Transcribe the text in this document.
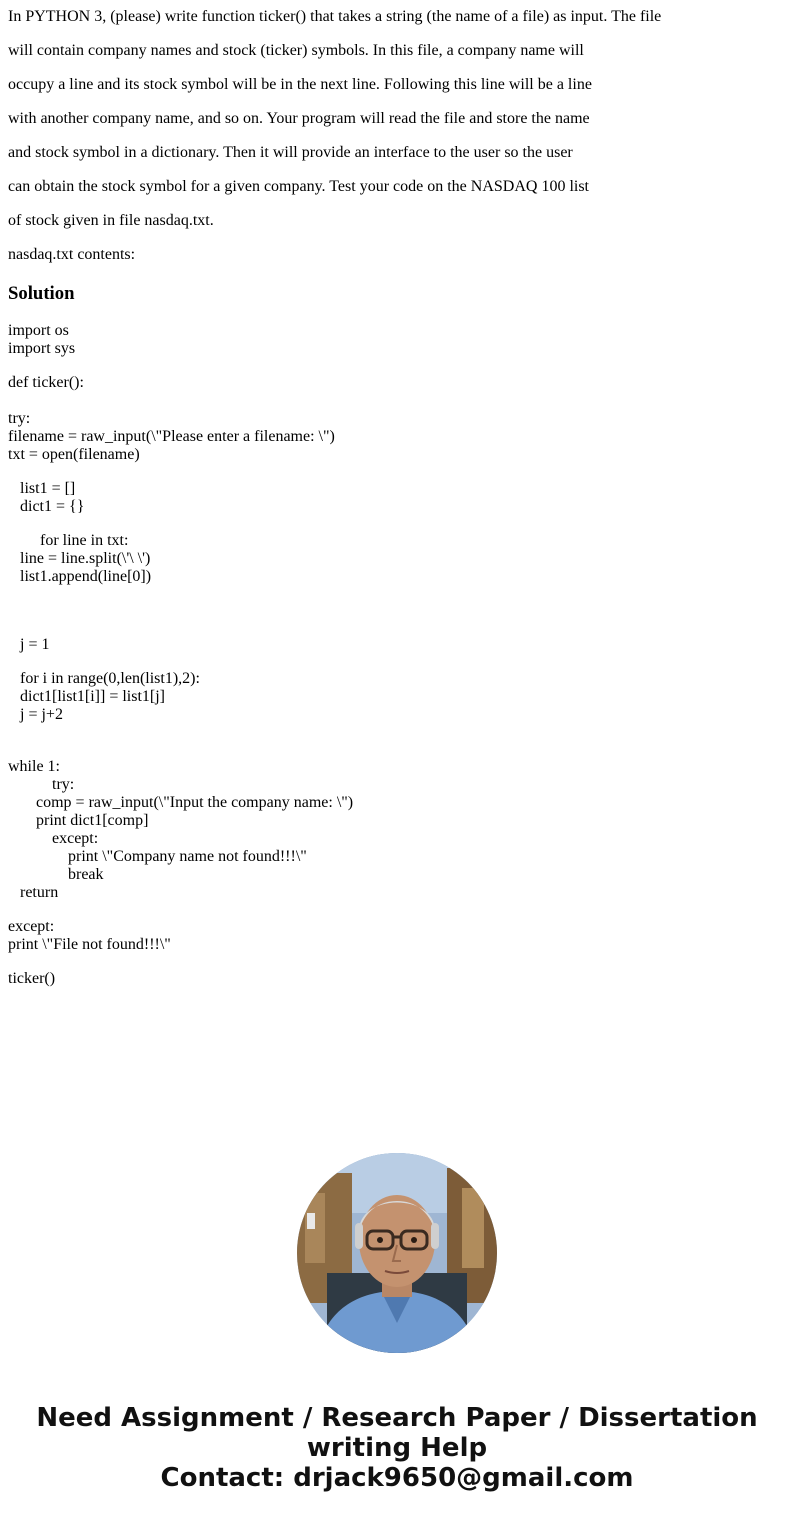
In PYTHON 3, (please) write function ticker() that takes a string (the name of a file) as input. The file

will contain company names and stock (ticker) symbols. In this file, a company name will

occupy a line and its stock symbol will be in the next line. Following this line will be a line

with another company name, and so on. Your program will read the file and store the name

and stock symbol in a dictionary. Then it will provide an interface to the user so the user

can obtain the stock symbol for a given company. Test your code on the NASDAQ 100 list

of stock given in file nasdaq.txt.

nasdaq.txt contents:

Solution
import os
import sys
def ticker():
try:
filename = raw_input(\"Please enter a filename: \")
txt = open(filename)
list1 = []
dict1 = {}
for line in txt:
line = line.split(\'\ \')
list1.append(line[0])
j = 1
for i in range(0,len(list1),2):
dict1[list1[i]] = list1[j]
j = j+2
while 1:
try:
comp = raw_input(\"Input the company name: \")
print dict1[comp]
except:
print \"Company name not found!!!\"
break
return
except:
print \"File not found!!!\"
ticker()
Need Assignment / Research Paper / Dissertation
writing Help
Contact: drjack9650@gmail.com
